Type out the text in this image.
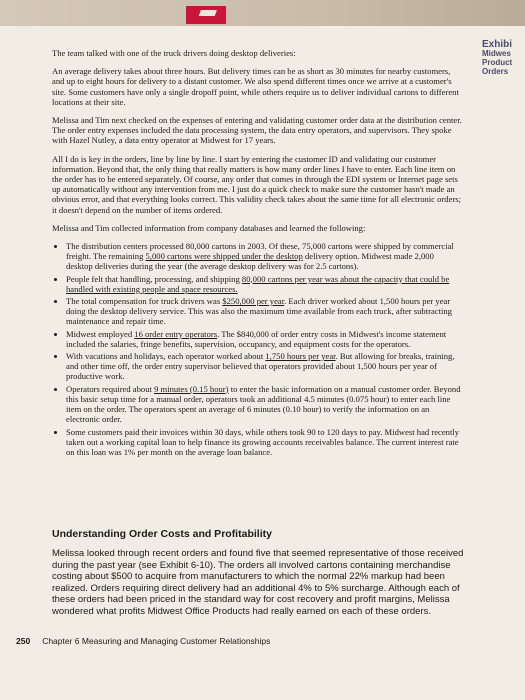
Exhibi
Midwes
Product
Orders

The team talked with one of the truck drivers doing desktop deliveries:

An average delivery takes about three hours. But delivery times can be as short as 30 minutes for nearby customers, and up to eight hours for delivery to a distant customer. We also spend different times once we arrive at a customer's site. Some customers have only a single dropoff point, while others require us to deliver individual cartons to different locations at their site.

Melissa and Tim next checked on the expenses of entering and validating customer order data at the distribution center. The order entry expenses included the data processing system, the data entry operators, and supervisors. They spoke with Hazel Nutley, a data entry operator at Midwest for 17 years.

All I do is key in the orders, line by line by line. I start by entering the customer ID and validating our customer information. Beyond that, the only thing that really matters is how many order lines I have to enter. Each line item on the order has to be entered separately. Of course, any order that comes in through the EDI system or Internet page sets up automatically without any intervention from me. I just do a quick check to make sure the customer hasn't made an obvious error, and that everything looks correct. This validity check takes about the same time for all electronic orders; it doesn't depend on the number of items ordered.

Melissa and Tim collected information from company databases and learned the following:

• The distribution centers processed 80,000 cartons in 2003. Of these, 75,000 cartons were shipped by commercial freight. The remaining 5,000 cartons were shipped under the desktop delivery option. Midwest made 2,000 desktop deliveries during the year (the average desktop delivery was for 2.5 cartons).
• People felt that handling, processing, and shipping 80,000 cartons per year was about the capacity that could be handled with existing people and space resources.
• The total compensation for truck drivers was $250,000 per year. Each driver worked about 1,500 hours per year doing the desktop delivery service. This was also the maximum time available from each truck, after subtracting maintenance and repair time.
• Midwest employed 16 order entry operators. The $840,000 of order entry costs in Midwest's income statement included the salaries, fringe benefits, supervision, occupancy, and equipment costs for the operators.
• With vacations and holidays, each operator worked about 1,750 hours per year. But allowing for breaks, training, and other time off, the order entry supervisor believed that operators provided about 1,500 hours per year of productive work.
• Operators required about 9 minutes (0.15 hour) to enter the basic information on a manual customer order. Beyond this basic setup time for a manual order, operators took an additional 4.5 minutes (0.075 hour) to enter each line item on the order. The operators spent an average of 6 minutes (0.10 hour) to verify the information on an electronic order.
• Some customers paid their invoices within 30 days, while others took 90 to 120 days to pay. Midwest had recently taken out a working capital loan to help finance its growing accounts receivables balance. The current interest rate on this loan was 1% per month on the average loan balance.
Understanding Order Costs and Profitability
Melissa looked through recent orders and found five that seemed representative of those received during the past year (see Exhibit 6-10). The orders all involved cartons containing merchandise costing about $500 to acquire from manufacturers to which the normal 22% markup had been realized. Orders requiring direct delivery had an additional 4% to 5% surcharge. Although each of these orders had been priced in the standard way for cost recovery and profit margins, Melissa wondered what profits Midwest Office Products had really earned on each of these orders.
250 Chapter 6 Measuring and Managing Customer Relationships
